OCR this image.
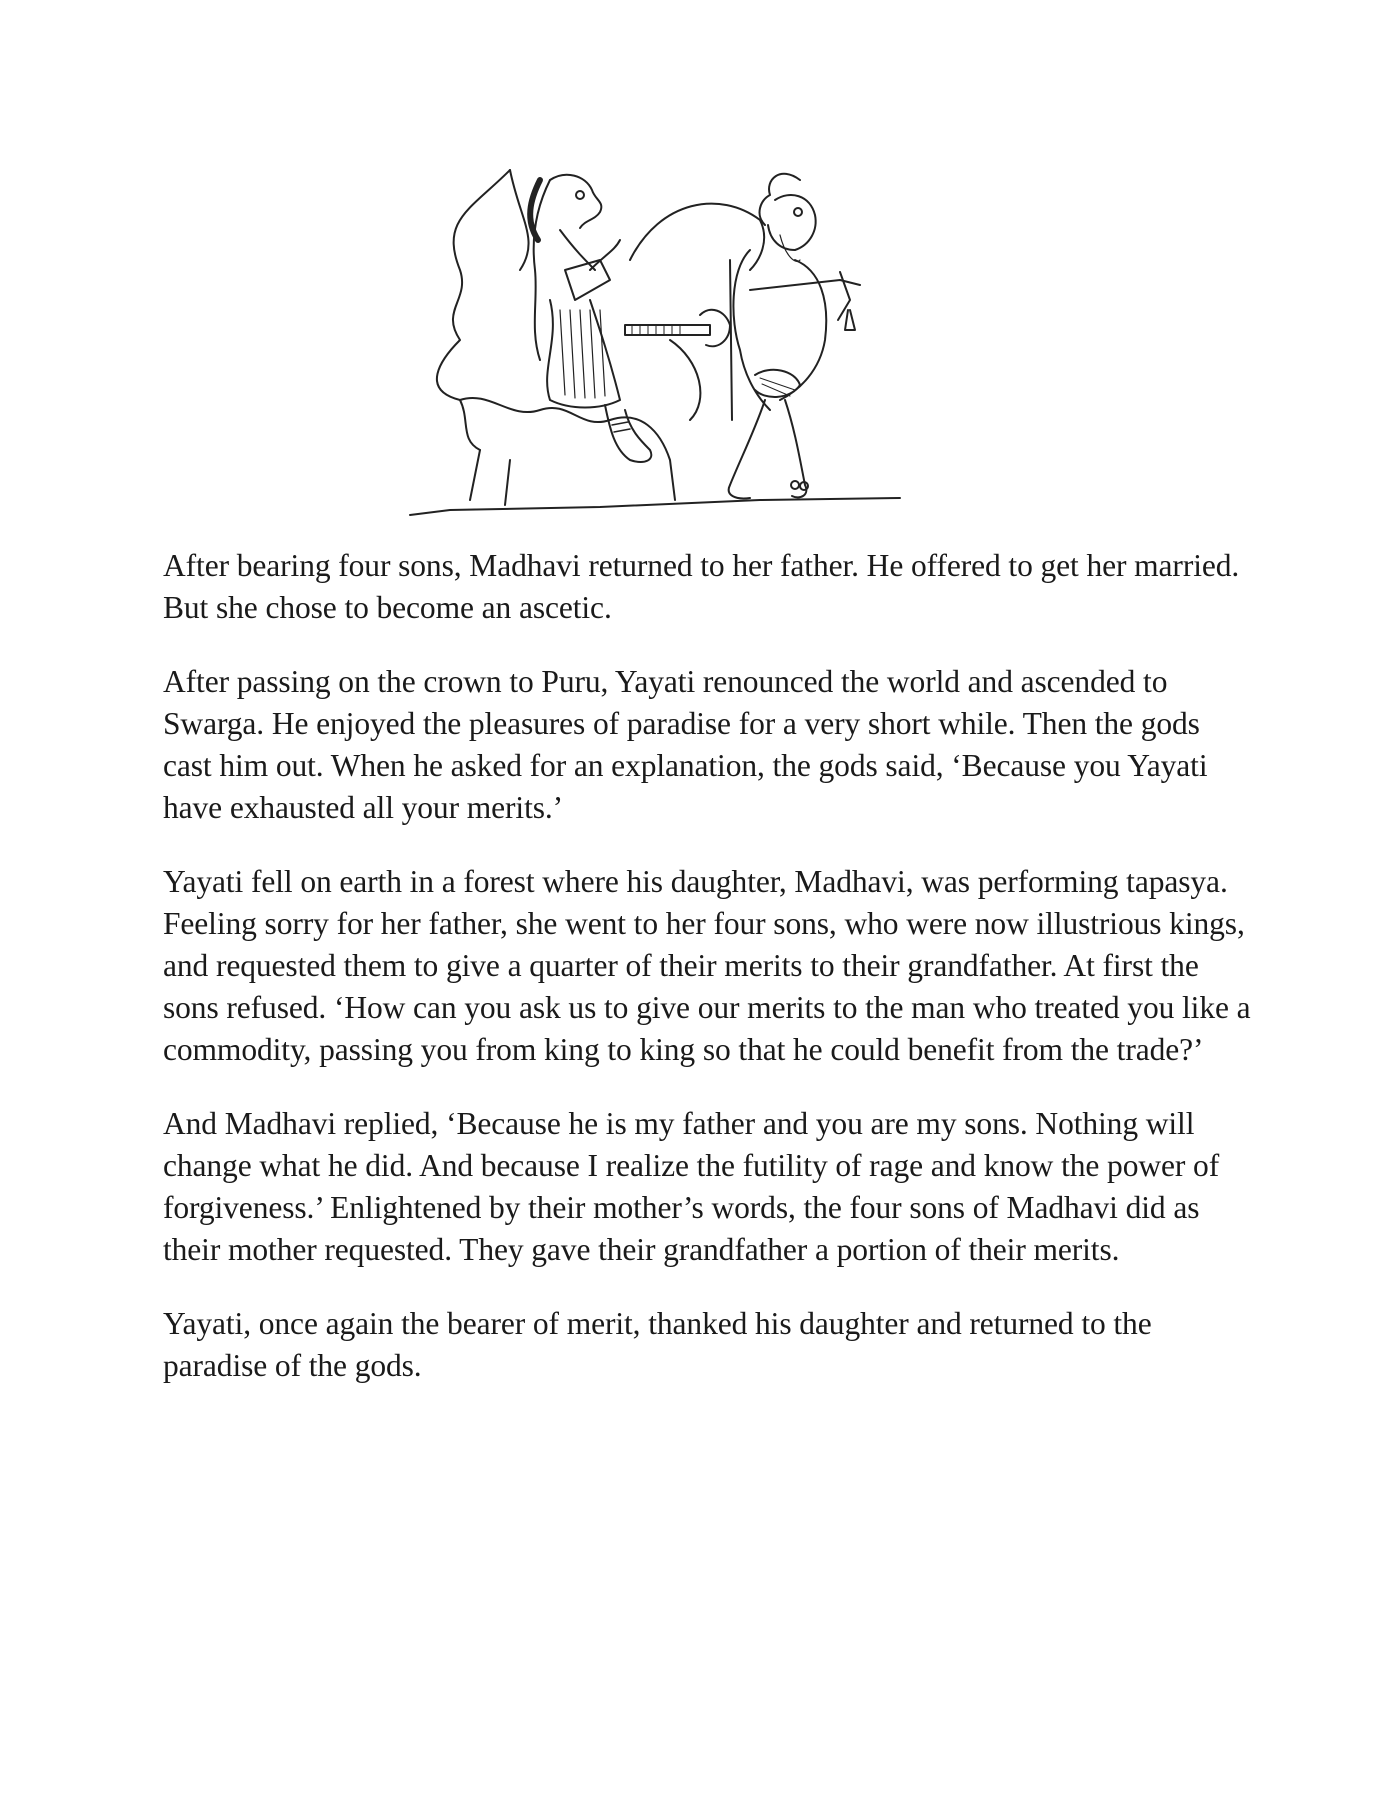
After bearing four sons, Madhavi returned to her father. He offered to get her married. But she chose to become an ascetic.

After passing on the crown to Puru, Yayati renounced the world and ascended to Swarga. He enjoyed the pleasures of paradise for a very short while. Then the gods cast him out. When he asked for an explanation, the gods said, ‘Because you Yayati have exhausted all your merits.’

Yayati fell on earth in a forest where his daughter, Madhavi, was performing tapasya. Feeling sorry for her father, she went to her four sons, who were now illustrious kings, and requested them to give a quarter of their merits to their grandfather. At first the sons refused. ‘How can you ask us to give our merits to the man who treated you like a commodity, passing you from king to king so that he could benefit from the trade?’

And Madhavi replied, ‘Because he is my father and you are my sons. Nothing will change what he did. And because I realize the futility of rage and know the power of forgiveness.’ Enlightened by their mother’s words, the four sons of Madhavi did as their mother requested. They gave their grandfather a portion of their merits.

Yayati, once again the bearer of merit, thanked his daughter and returned to the paradise of the gods.
